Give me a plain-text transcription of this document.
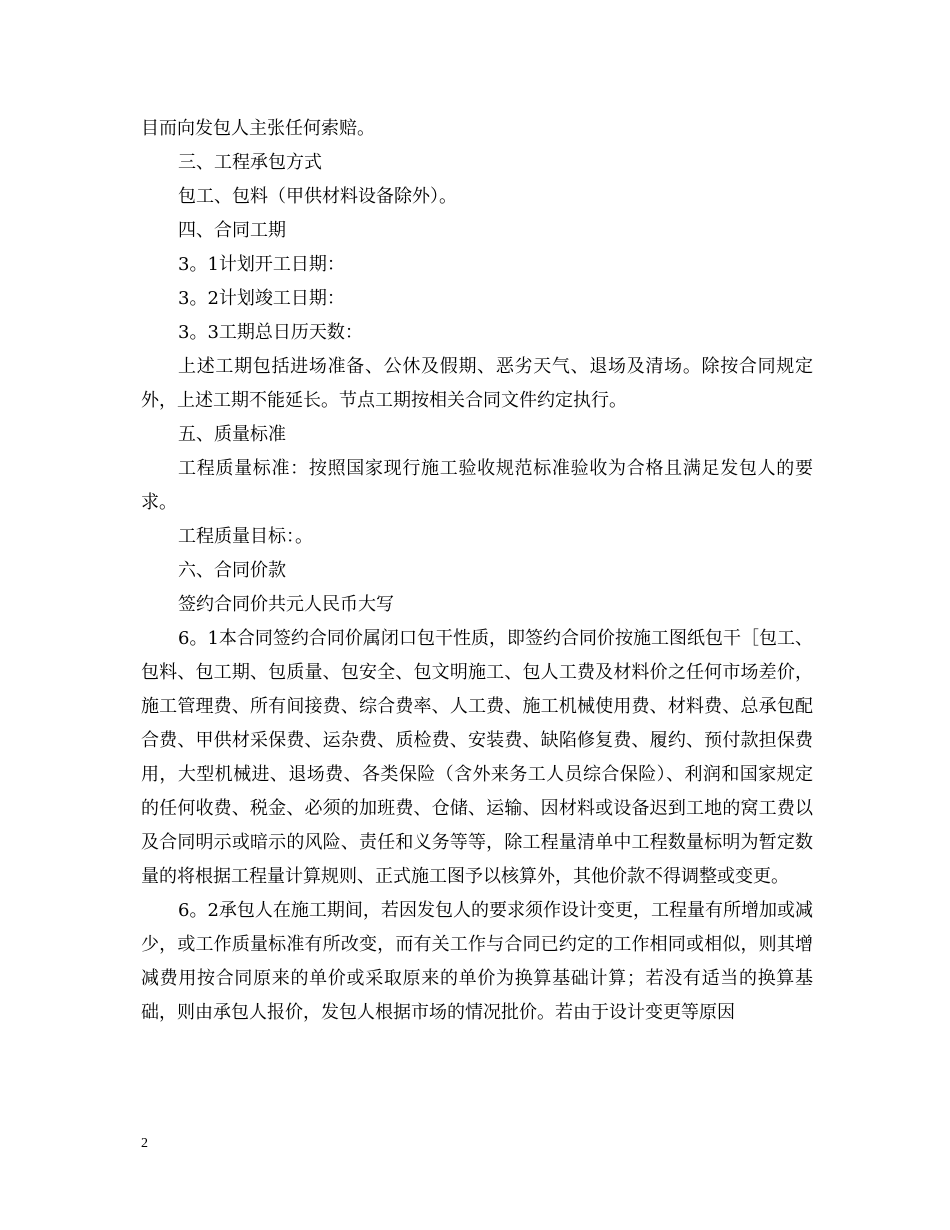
目而向发包人主张任何索赔。

三、工程承包方式

包工、包料（甲供材料设备除外）。

四、合同工期

3。1计划开工日期：

3。2计划竣工日期：

3。3工期总日历天数：

上述工期包括进场准备、公休及假期、恶劣天气、退场及清场。除按合同规定外，上述工期不能延长。节点工期按相关合同文件约定执行。

五、质量标准

工程质量标准：按照国家现行施工验收规范标准验收为合格且满足发包人的要求。

工程质量目标：。

六、合同价款

签约合同价共元人民币大写

6。1本合同签约合同价属闭口包干性质，即签约合同价按施工图纸包干［包工、包料、包工期、包质量、包安全、包文明施工、包人工费及材料价之任何市场差价，施工管理费、所有间接费、综合费率、人工费、施工机械使用费、材料费、总承包配合费、甲供材采保费、运杂费、质检费、安装费、缺陷修复费、履约、预付款担保费用，大型机械进、退场费、各类保险（含外来务工人员综合保险）、利润和国家规定的任何收费、税金、必须的加班费、仓储、运输、因材料或设备迟到工地的窝工费以及合同明示或暗示的风险、责任和义务等等，除工程量清单中工程数量标明为暂定数量的将根据工程量计算规则、正式施工图予以核算外，其他价款不得调整或变更。

6。2承包人在施工期间，若因发包人的要求须作设计变更，工程量有所增加或减少，或工作质量标准有所改变，而有关工作与合同已约定的工作相同或相似，则其增减费用按合同原来的单价或采取原来的单价为换算基础计算；若没有适当的换算基础，则由承包人报价，发包人根据市场的情况批价。若由于设计变更等原因

2
